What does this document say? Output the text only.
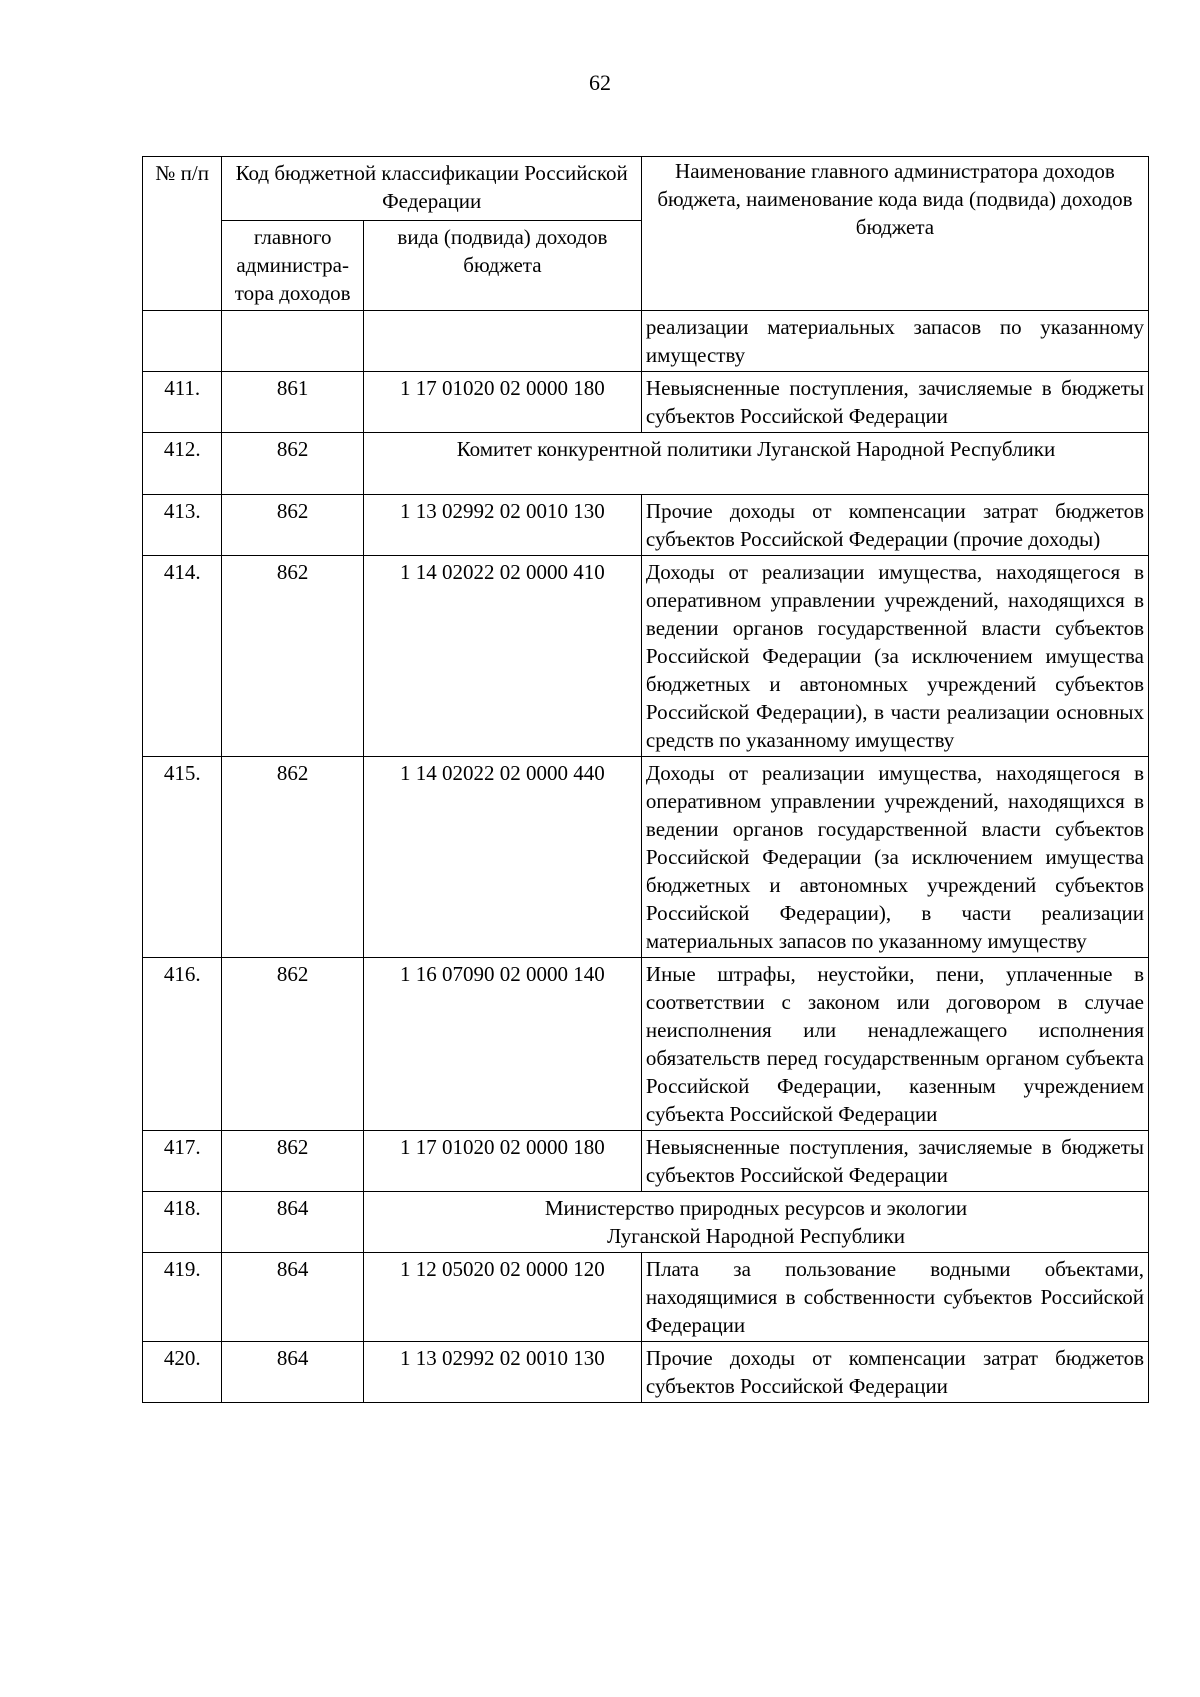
62
№ п/п	Код бюджетной классификации Российской Федерации		Наименование главного администратора доходов бюджета, наименование кода вида (подвида) доходов бюджета
	главного администра-тора доходов	вида (подвида) доходов бюджета	
			реализации материальных запасов по указанному имуществу
411.	861	1 17 01020 02 0000 180	Невыясненные поступления, зачисляемые в бюджеты субъектов Российской Федерации
412.	862	Комитет конкурентной политики Луганской Народной Республики	
413.	862	1 13 02992 02 0010 130	Прочие доходы от компенсации затрат бюджетов субъектов Российской Федерации (прочие доходы)
414.	862	1 14 02022 02 0000 410	Доходы от реализации имущества, находящегося в оперативном управлении учреждений, находящихся в ведении органов государственной власти субъектов Российской Федерации (за исключением имущества бюджетных и автономных учреждений субъектов Российской Федерации), в части реализации основных средств по указанному имуществу
415.	862	1 14 02022 02 0000 440	Доходы от реализации имущества, находящегося в оперативном управлении учреждений, находящихся в ведении органов государственной власти субъектов Российской Федерации (за исключением имущества бюджетных и автономных учреждений субъектов Российской Федерации), в части реализации материальных запасов по указанному имуществу
416.	862	1 16 07090 02 0000 140	Иные штрафы, неустойки, пени, уплаченные в соответствии с законом или договором в случае неисполнения или ненадлежащего исполнения обязательств перед государственным органом субъекта Российской Федерации, казенным учреждением субъекта Российской Федерации
417.	862	1 17 01020 02 0000 180	Невыясненные поступления, зачисляемые в бюджеты субъектов Российской Федерации
418.	864	Министерство природных ресурсов и экологии
Луганской Народной Республики	

419.	864	1 12 05020 02 0000 120	Плата за пользование водными объектами, находящимися в собственности субъектов Российской Федерации
420.	864	1 13 02992 02 0010 130	Прочие доходы от компенсации затрат бюджетов субъектов Российской Федерации
